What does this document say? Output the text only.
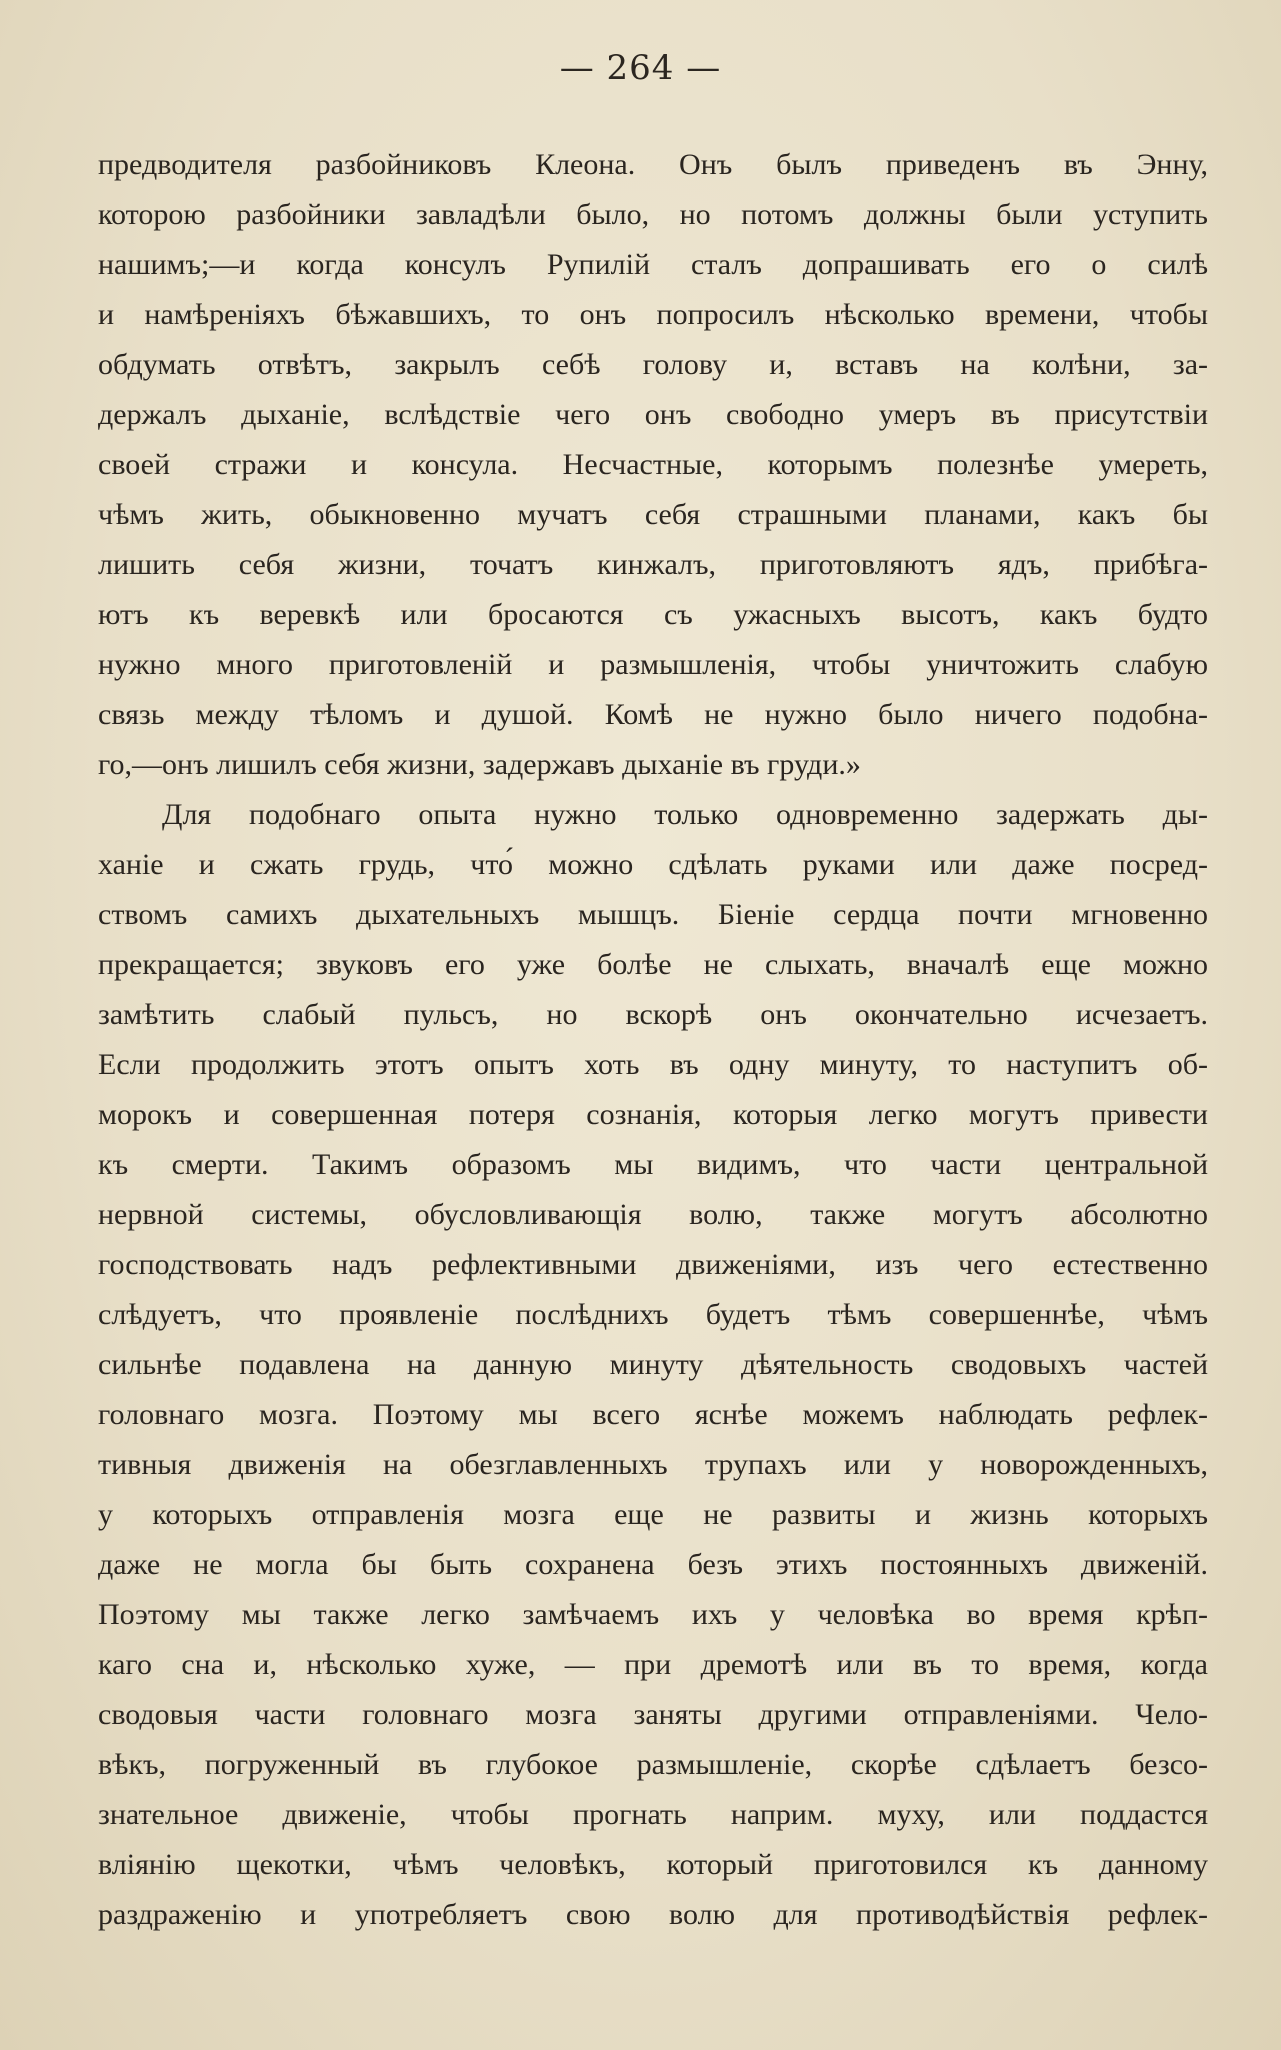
— 264 —
предводителя разбойниковъ Клеона. Онъ былъ приведенъ въ Энну,
которою разбойники завладѣли было, но потомъ должны были уступить
нашимъ;—и когда консулъ Рупилій сталъ допрашивать его о силѣ
и намѣреніяхъ бѣжавшихъ, то онъ попросилъ нѣсколько времени, чтобы
обдумать отвѣтъ, закрылъ себѣ голову и, вставъ на колѣни, за-
держалъ дыханіе, вслѣдствіе чего онъ свободно умеръ въ присутствіи
своей стражи и консула. Несчастные, которымъ полезнѣе умереть,
чѣмъ жить, обыкновенно мучатъ себя страшными планами, какъ бы
лишить себя жизни, точатъ кинжалъ, приготовляютъ ядъ, прибѣга-
ютъ къ веревкѣ или бросаются съ ужасныхъ высотъ, какъ будто
нужно много приготовленій и размышленія, чтобы уничтожить слабую
связь между тѣломъ и душой. Комѣ не нужно было ничего подобна-
го,—онъ лишилъ себя жизни, задержавъ дыханіе въ груди.»
Для подобнаго опыта нужно только одновременно задержать ды-
ханіе и сжать грудь, что́ можно сдѣлать руками или даже посред-
ствомъ самихъ дыхательныхъ мышцъ. Біеніе сердца почти мгновенно
прекращается; звуковъ его уже болѣе не слыхать, вначалѣ еще можно
замѣтить слабый пульсъ, но вскорѣ онъ окончательно исчезаетъ.
Если продолжить этотъ опытъ хоть въ одну минуту, то наступитъ об-
морокъ и совершенная потеря сознанія, которыя легко могутъ привести
къ смерти. Такимъ образомъ мы видимъ, что части центральной
нервной системы, обусловливающія волю, также могутъ абсолютно
господствовать надъ рефлективными движеніями, изъ чего естественно
слѣдуетъ, что проявленіе послѣднихъ будетъ тѣмъ совершеннѣе, чѣмъ
сильнѣе подавлена на данную минуту дѣятельность сводовыхъ частей
головнаго мозга. Поэтому мы всего яснѣе можемъ наблюдать рефлек-
тивныя движенія на обезглавленныхъ трупахъ или у новорожденныхъ,
у которыхъ отправленія мозга еще не развиты и жизнь которыхъ
даже не могла бы быть сохранена безъ этихъ постоянныхъ движеній.
Поэтому мы также легко замѣчаемъ ихъ у человѣка во время крѣп-
каго сна и, нѣсколько хуже, — при дремотѣ или въ то время, когда
сводовыя части головнаго мозга заняты другими отправленіями. Чело-
вѣкъ, погруженный въ глубокое размышленіе, скорѣе сдѣлаетъ безсо-
знательное движеніе, чтобы прогнать наприм. муху, или поддастся
вліянію щекотки, чѣмъ человѣкъ, который приготовился къ данному
раздраженію и употребляетъ свою волю для противодѣйствія рефлек-
